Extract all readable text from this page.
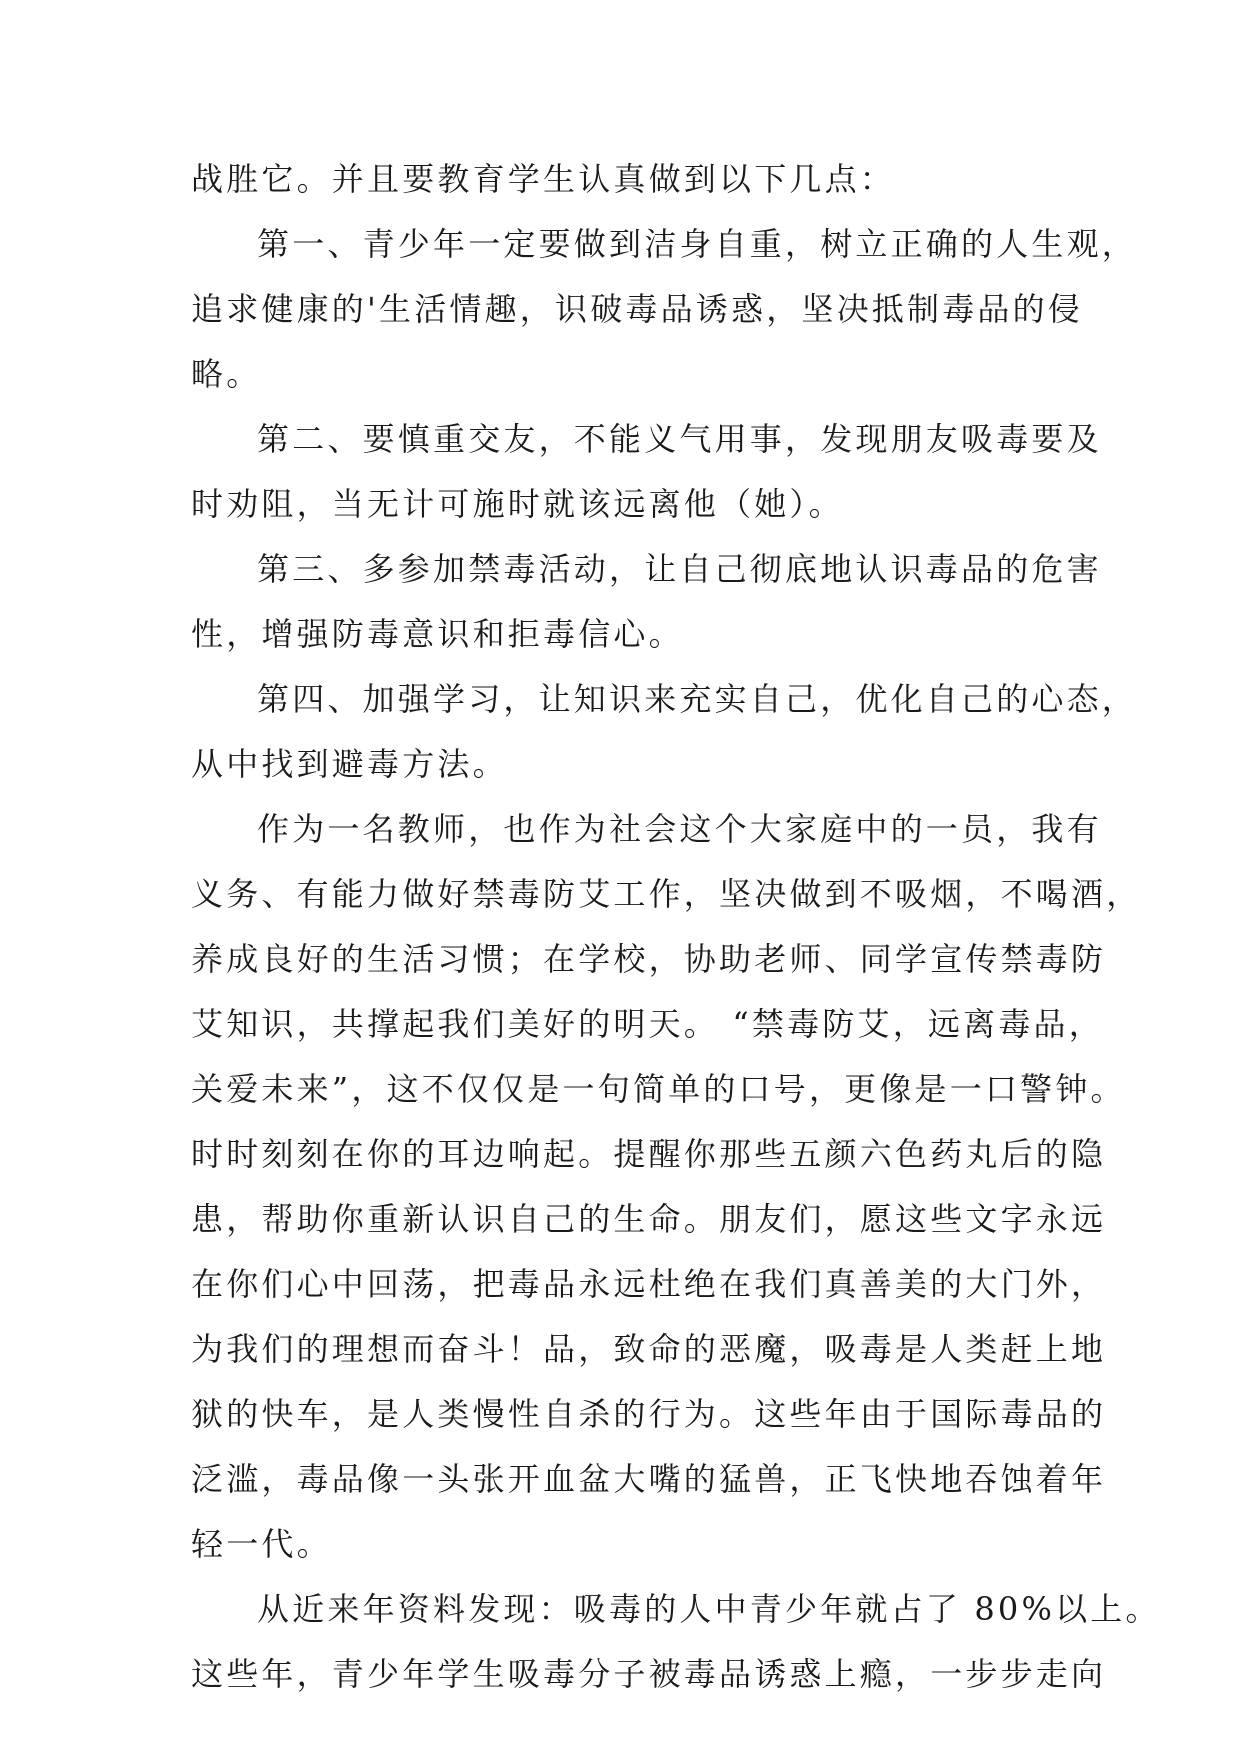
战胜它。并且要教育学生认真做到以下几点：
第一、青少年一定要做到洁身自重，树立正确的人生观，
追求健康的'生活情趣，识破毒品诱惑，坚决抵制毒品的侵
略。
第二、要慎重交友，不能义气用事，发现朋友吸毒要及
时劝阻，当无计可施时就该远离他（她）。
第三、多参加禁毒活动，让自己彻底地认识毒品的危害
性，增强防毒意识和拒毒信心。
第四、加强学习，让知识来充实自己，优化自己的心态，
从中找到避毒方法。
作为一名教师，也作为社会这个大家庭中的一员，我有
义务、有能力做好禁毒防艾工作，坚决做到不吸烟，不喝酒，
养成良好的生活习惯；在学校，协助老师、同学宣传禁毒防
艾知识，共撑起我们美好的明天。 “禁毒防艾，远离毒品，
关爱未来”，这不仅仅是一句简单的口号，更像是一口警钟。
时时刻刻在你的耳边响起。提醒你那些五颜六色药丸后的隐
患，帮助你重新认识自己的生命。朋友们，愿这些文字永远
在你们心中回荡，把毒品永远杜绝在我们真善美的大门外，
为我们的理想而奋斗！品，致命的恶魔，吸毒是人类赶上地
狱的快车，是人类慢性自杀的行为。这些年由于国际毒品的
泛滥，毒品像一头张开血盆大嘴的猛兽，正飞快地吞蚀着年
轻一代。
从近来年资料发现：吸毒的人中青少年就占了 80%以上。
这些年，青少年学生吸毒分子被毒品诱惑上瘾，一步步走向
